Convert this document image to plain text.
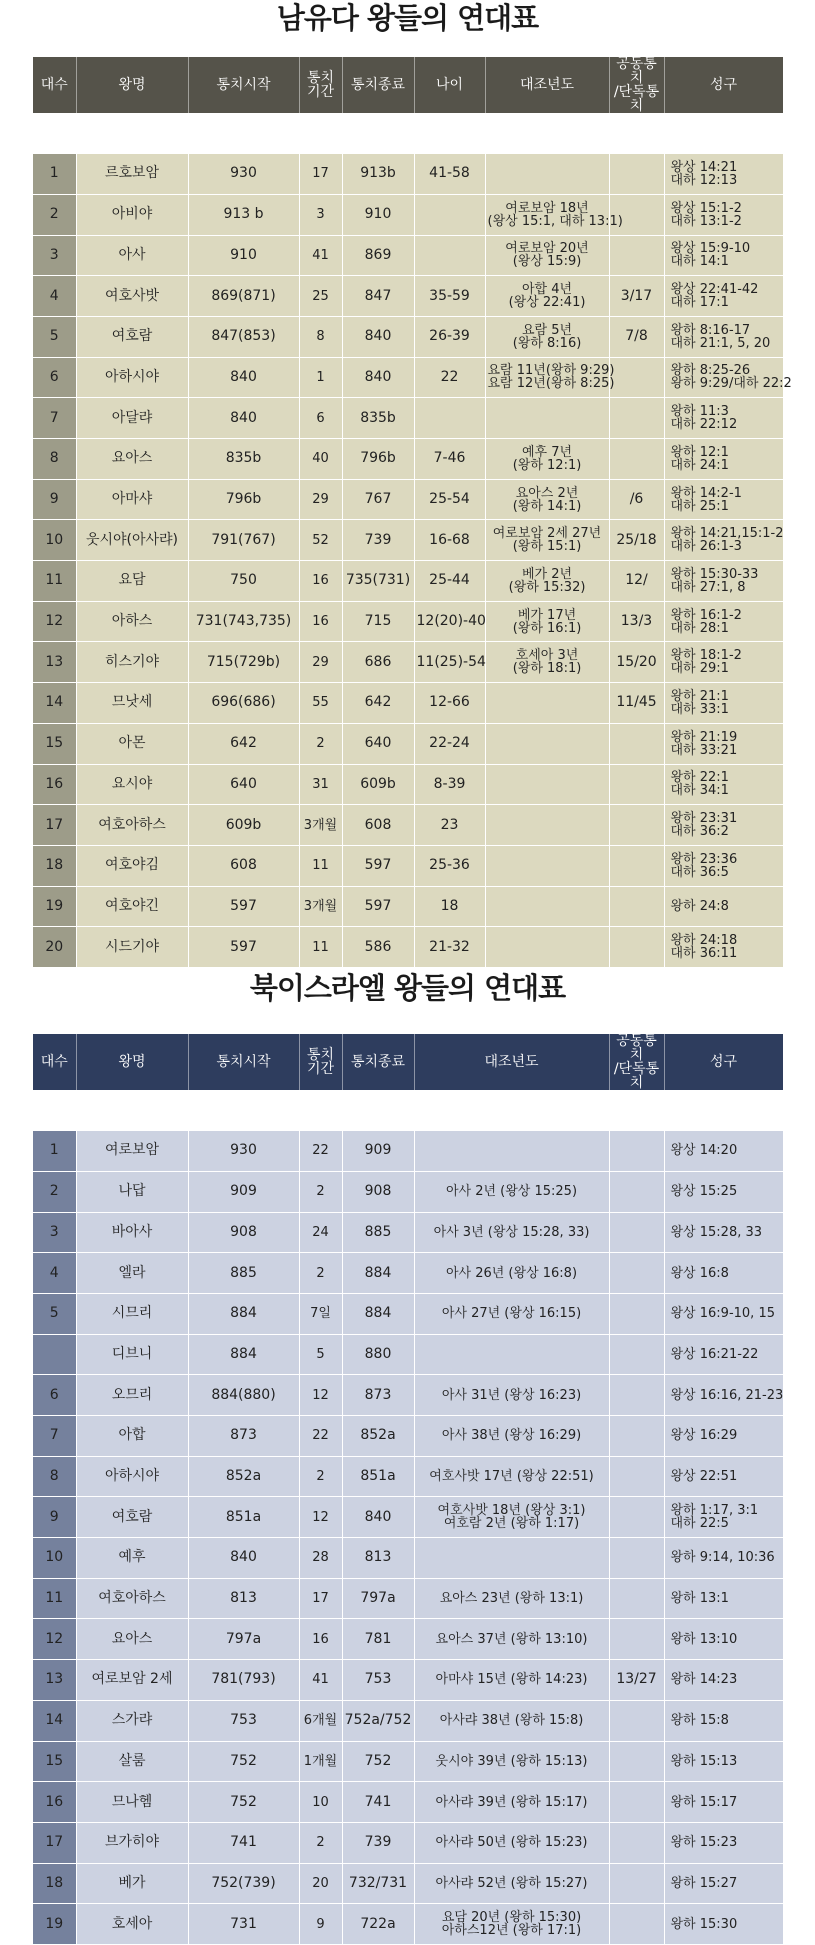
남유다 왕들의 연대표
대수	왕명	통치시작	통치
기간	통치종료	나이	대조년도	공동통치
/단독통치	성구

1	르호보암	930	17	913b	41-58			왕상 14:21
대하 12:13
2	아비야	913 b	3	910		여로보암 18년
(왕상 15:1, 대하 13:1)		왕상 15:1-2
대하 13:1-2
3	아사	910	41	869		여로보암 20년
(왕상 15:9)		왕상 15:9-10
대하 14:1
4	여호사밧	869(871)	25	847	35-59	아합 4년
(왕상 22:41)	3/17	왕상 22:41-42
대하 17:1
5	여호람	847(853)	8	840	26-39	요람 5년
(왕하 8:16)	7/8	왕하 8:16-17
대하 21:1, 5, 20
6	아하시야	840	1	840	22	요람 11년(왕하 9:29)
요람 12년(왕하 8:25)		왕하 8:25-26
왕하 9:29/대하 22:2
7	아달랴	840	6	835b				왕하 11:3
대하 22:12
8	요아스	835b	40	796b	7-46	예후 7년
(왕하 12:1)		왕하 12:1
대하 24:1
9	아마샤	796b	29	767	25-54	요아스 2년
(왕하 14:1)	/6	왕하 14:2-1
대하 25:1
10	웃시야(아사랴)	791(767)	52	739	16-68	여로보암 2세 27년
(왕하 15:1)	25/18	왕하 14:21,15:1-2
대하 26:1-3
11	요담	750	16	735(731)	25-44	베가 2년
(왕하 15:32)	12/	왕하 15:30-33
대하 27:1, 8
12	아하스	731(743,735)	16	715	12(20)-40	베가 17년
(왕하 16:1)	13/3	왕하 16:1-2
대하 28:1
13	히스기야	715(729b)	29	686	11(25)-54	호세아 3년
(왕하 18:1)	15/20	왕하 18:1-2
대하 29:1
14	므낫세	696(686)	55	642	12-66		11/45	왕하 21:1
대하 33:1
15	아몬	642	2	640	22-24			왕하 21:19
대하 33:21
16	요시야	640	31	609b	8-39			왕하 22:1
대하 34:1
17	여호아하스	609b	3개월	608	23			왕하 23:31
대하 36:2
18	여호야김	608	11	597	25-36			왕하 23:36
대하 36:5
19	여호야긴	597	3개월	597	18			왕하 24:8

20	시드기야	597	11	586	21-32			왕하 24:18
대하 36:11
북이스라엘 왕들의 연대표
대수	왕명	통치시작	통치
기간	통치종료	대조년도	공동통치
/단독통치	성구

1	여로보암	930	22	909			왕상 14:20

2	나답	909	2	908	아사 2년 (왕상 15:25)		왕상 15:25

3	바아사	908	24	885	아사 3년 (왕상 15:28, 33)		왕상 15:28, 33

4	엘라	885	2	884	아사 26년 (왕상 16:8)		왕상 16:8

5	시므리	884	7일	884	아사 27년 (왕상 16:15)		왕상 16:9-10, 15

	디브니	884	5	880			왕상 16:21-22

6	오므리	884(880)	12	873	아사 31년 (왕상 16:23)		왕상 16:16, 21-23

7	아합	873	22	852a	아사 38년 (왕상 16:29)		왕상 16:29

8	아하시야	852a	2	851a	여호사밧 17년 (왕상 22:51)		왕상 22:51

9	여호람	851a	12	840	여호사밧 18년 (왕상 3:1)
여호람 2년 (왕하 1:17)		왕하 1:17, 3:1
대하 22:5
10	예후	840	28	813			왕하 9:14, 10:36

11	여호아하스	813	17	797a	요아스 23년 (왕하 13:1)		왕하 13:1

12	요아스	797a	16	781	요아스 37년 (왕하 13:10)		왕하 13:10

13	여로보암 2세	781(793)	41	753	아마샤 15년 (왕하 14:23)	13/27	왕하 14:23

14	스가랴	753	6개월	752a/752	아사랴 38년 (왕하 15:8)		왕하 15:8

15	살룸	752	1개월	752	웃시야 39년 (왕하 15:13)		왕하 15:13

16	므나헴	752	10	741	아사랴 39년 (왕하 15:17)		왕하 15:17

17	브가히야	741	2	739	아사랴 50년 (왕하 15:23)		왕하 15:23

18	베가	752(739)	20	732/731	아사랴 52년 (왕하 15:27)		왕하 15:27

19	호세아	731	9	722a	요담 20년 (왕하 15:30)
아하스12년 (왕하 17:1)		왕하 15:30
